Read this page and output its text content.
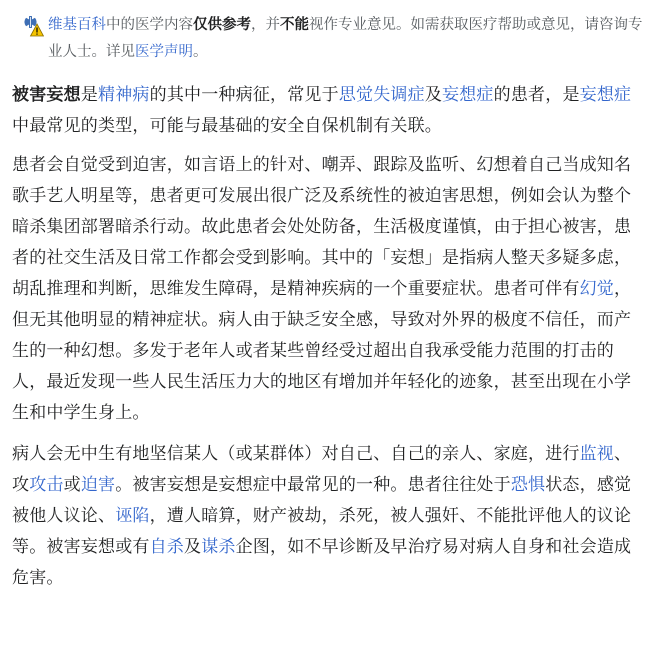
维基百科中的医学内容仅供参考，并不能视作专业意见。如需获取医疗帮助或意见，请咨询专业人士。详见医学声明。

被害妄想是精神病的其中一种病征，常见于思觉失调症及妄想症的患者，是妄想症中最常见的类型，可能与最基础的安全自保机制有关联。

患者会自觉受到迫害，如言语上的针对、嘲弄、跟踪及监听、幻想着自己当成知名歌手艺人明星等，患者更可发展出很广泛及系统性的被迫害思想，例如会认为整个暗杀集团部署暗杀行动。故此患者会处处防备，生活极度谨慎，由于担心被害，患者的社交生活及日常工作都会受到影响。其中的「妄想」是指病人整天多疑多虑，胡乱推理和判断，思维发生障碍，是精神疾病的一个重要症状。患者可伴有幻觉，但无其他明显的精神症状。病人由于缺乏安全感，导致对外界的极度不信任，而产生的一种幻想。多发于老年人或者某些曾经受过超出自我承受能力范围的打击的人，最近发现一些人民生活压力大的地区有增加并年轻化的迹象，甚至出现在小学生和中学生身上。

病人会无中生有地坚信某人（或某群体）对自己、自己的亲人、家庭，进行监视、攻攻击或迫害。被害妄想是妄想症中最常见的一种。患者往往处于恐惧状态，感觉被他人议论、诬陷，遭人暗算，财产被劫，杀死，被人强奸、不能批评他人的议论等。被害妄想或有自杀及谋杀企图，如不早诊断及早治疗易对病人自身和社会造成危害。
